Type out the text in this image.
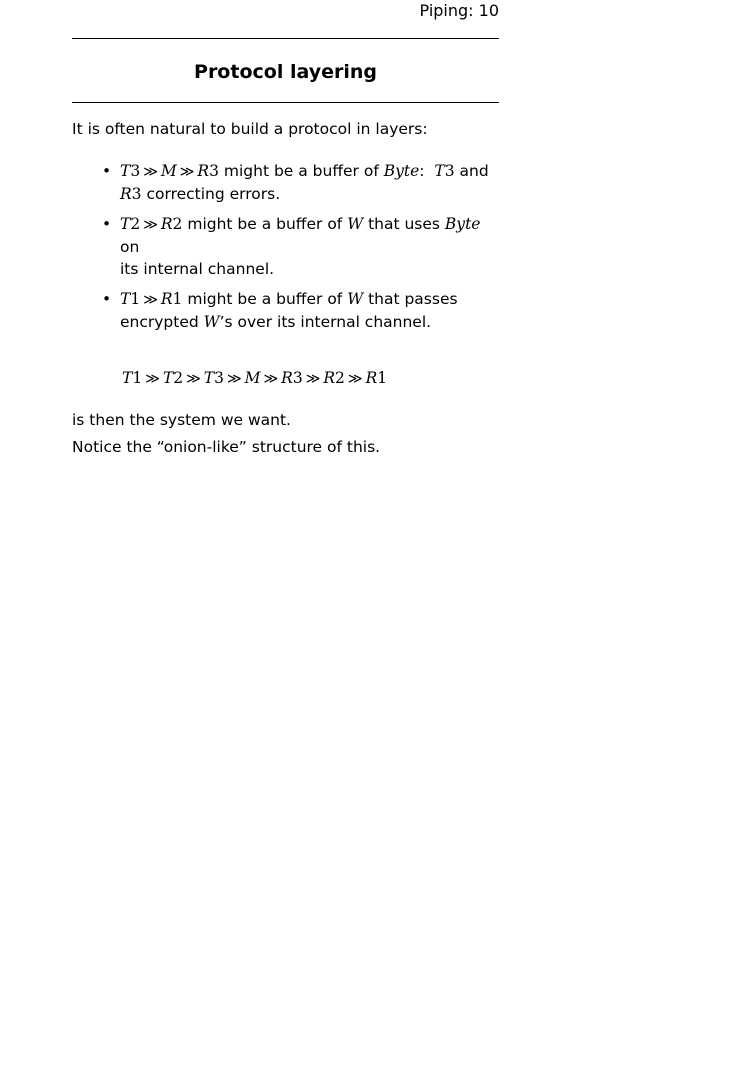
Piping: 10
Protocol layering

It is often natural to build a protocol in layers:

• T3 ≫ M ≫ R3 might be a buffer of Byte:  T3 and
R3 correcting errors.
• T2 ≫ R2 might be a buffer of W that uses Byte on
its internal channel.
• T1 ≫ R1 might be a buffer of W that passes
encrypted W’s over its internal channel.
T1 ≫ T2 ≫ T3 ≫ M ≫ R3 ≫ R2 ≫ R1

is then the system we want.

Notice the “onion-like” structure of this.
